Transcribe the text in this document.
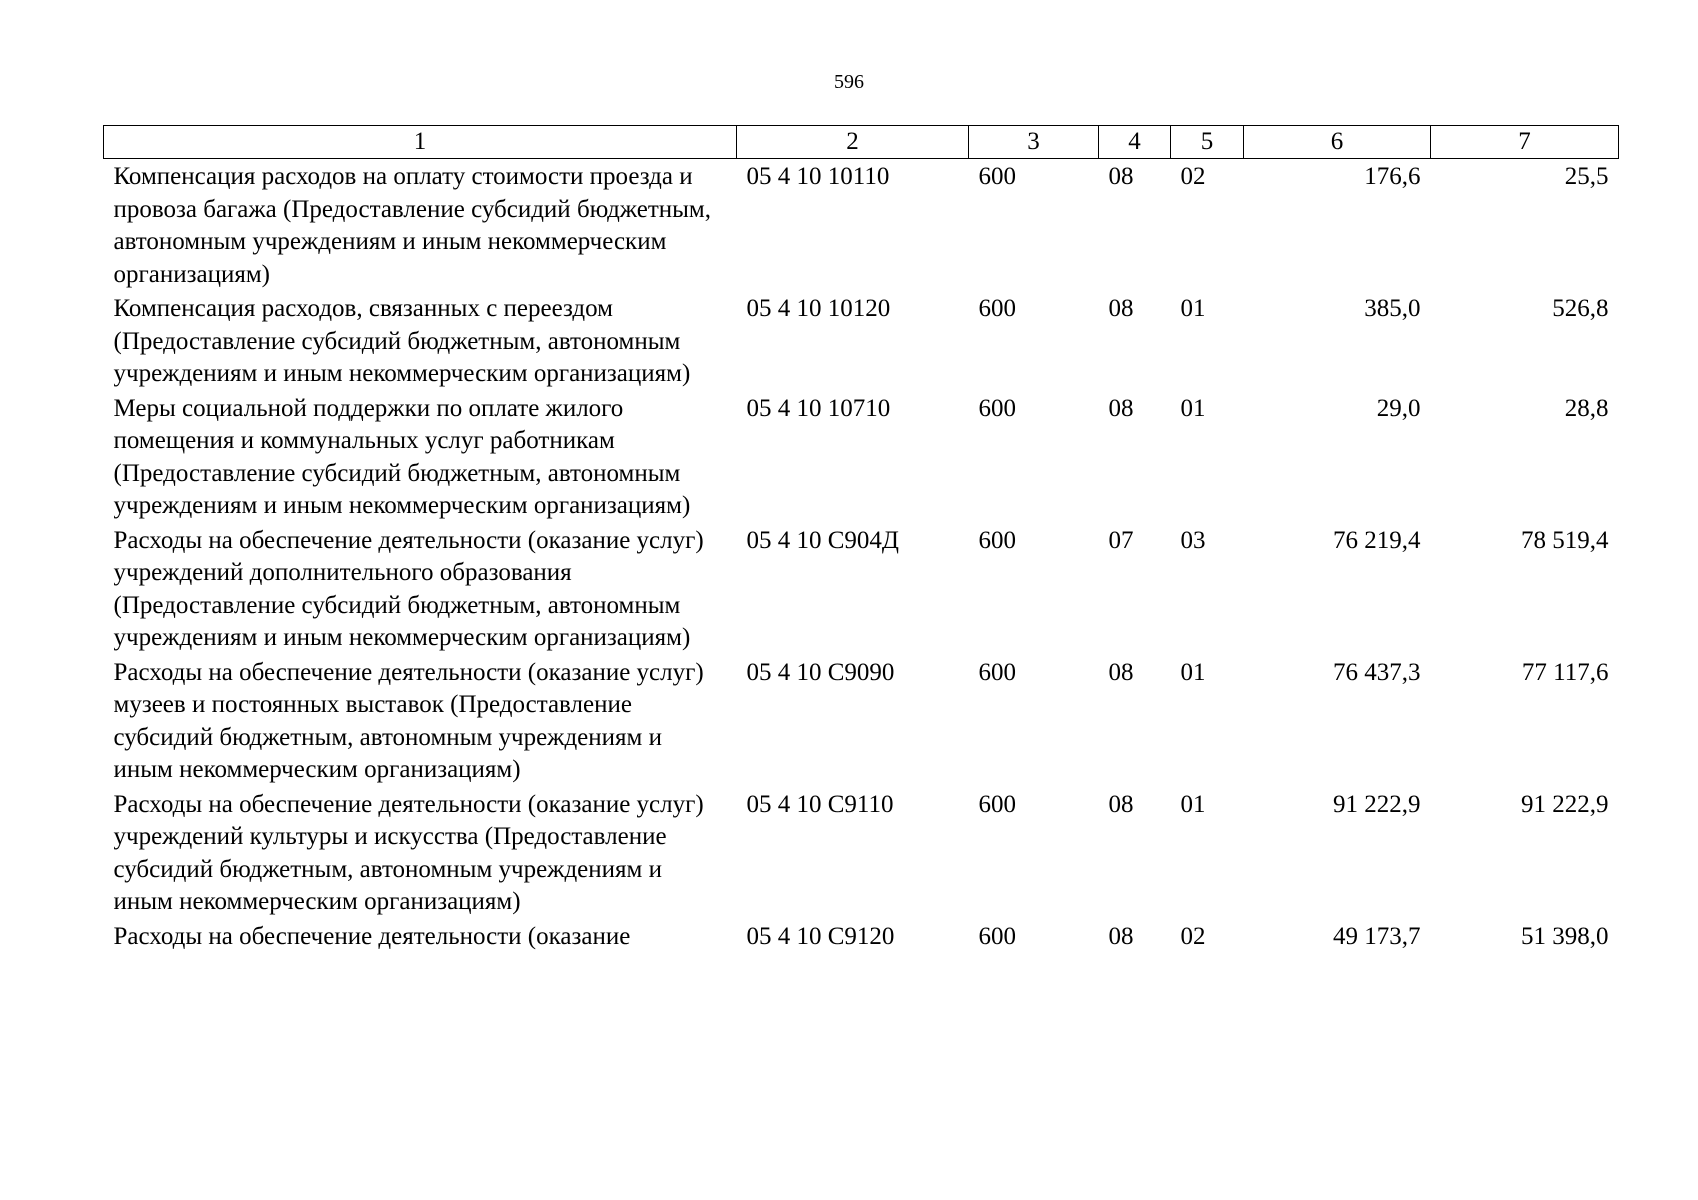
596
1	2	3	4	5	6	7
Компенсация расходов на оплату стоимости проезда и провоза багажа (Предоставление субсидий бюджетным, автономным учреждениям и иным некоммерческим организациям)	05 4 10 10110	600	08	02	176,6	25,5
Компенсация расходов, связанных с переездом (Предоставление субсидий бюджетным, автономным учреждениям и иным некоммерческим организациям)	05 4 10 10120	600	08	01	385,0	526,8
Меры социальной поддержки по оплате жилого помещения и коммунальных услуг работникам (Предоставление субсидий бюджетным, автономным учреждениям и иным некоммерческим организациям)	05 4 10 10710	600	08	01	29,0	28,8
Расходы на обеспечение деятельности (оказание услуг) учреждений дополнительного образования (Предоставление субсидий бюджетным, автономным учреждениям и иным некоммерческим организациям)	05 4 10 С904Д	600	07	03	76 219,4	78 519,4
Расходы на обеспечение деятельности (оказание услуг) музеев и постоянных выставок (Предоставление субсидий бюджетным, автономным учреждениям и иным некоммерческим организациям)	05 4 10 С9090	600	08	01	76 437,3	77 117,6
Расходы на обеспечение деятельности (оказание услуг) учреждений культуры и искусства (Предоставление субсидий бюджетным, автономным учреждениям и иным некоммерческим организациям)	05 4 10 С9110	600	08	01	91 222,9	91 222,9
Расходы на обеспечение деятельности (оказание	05 4 10 С9120	600	08	02	49 173,7	51 398,0
